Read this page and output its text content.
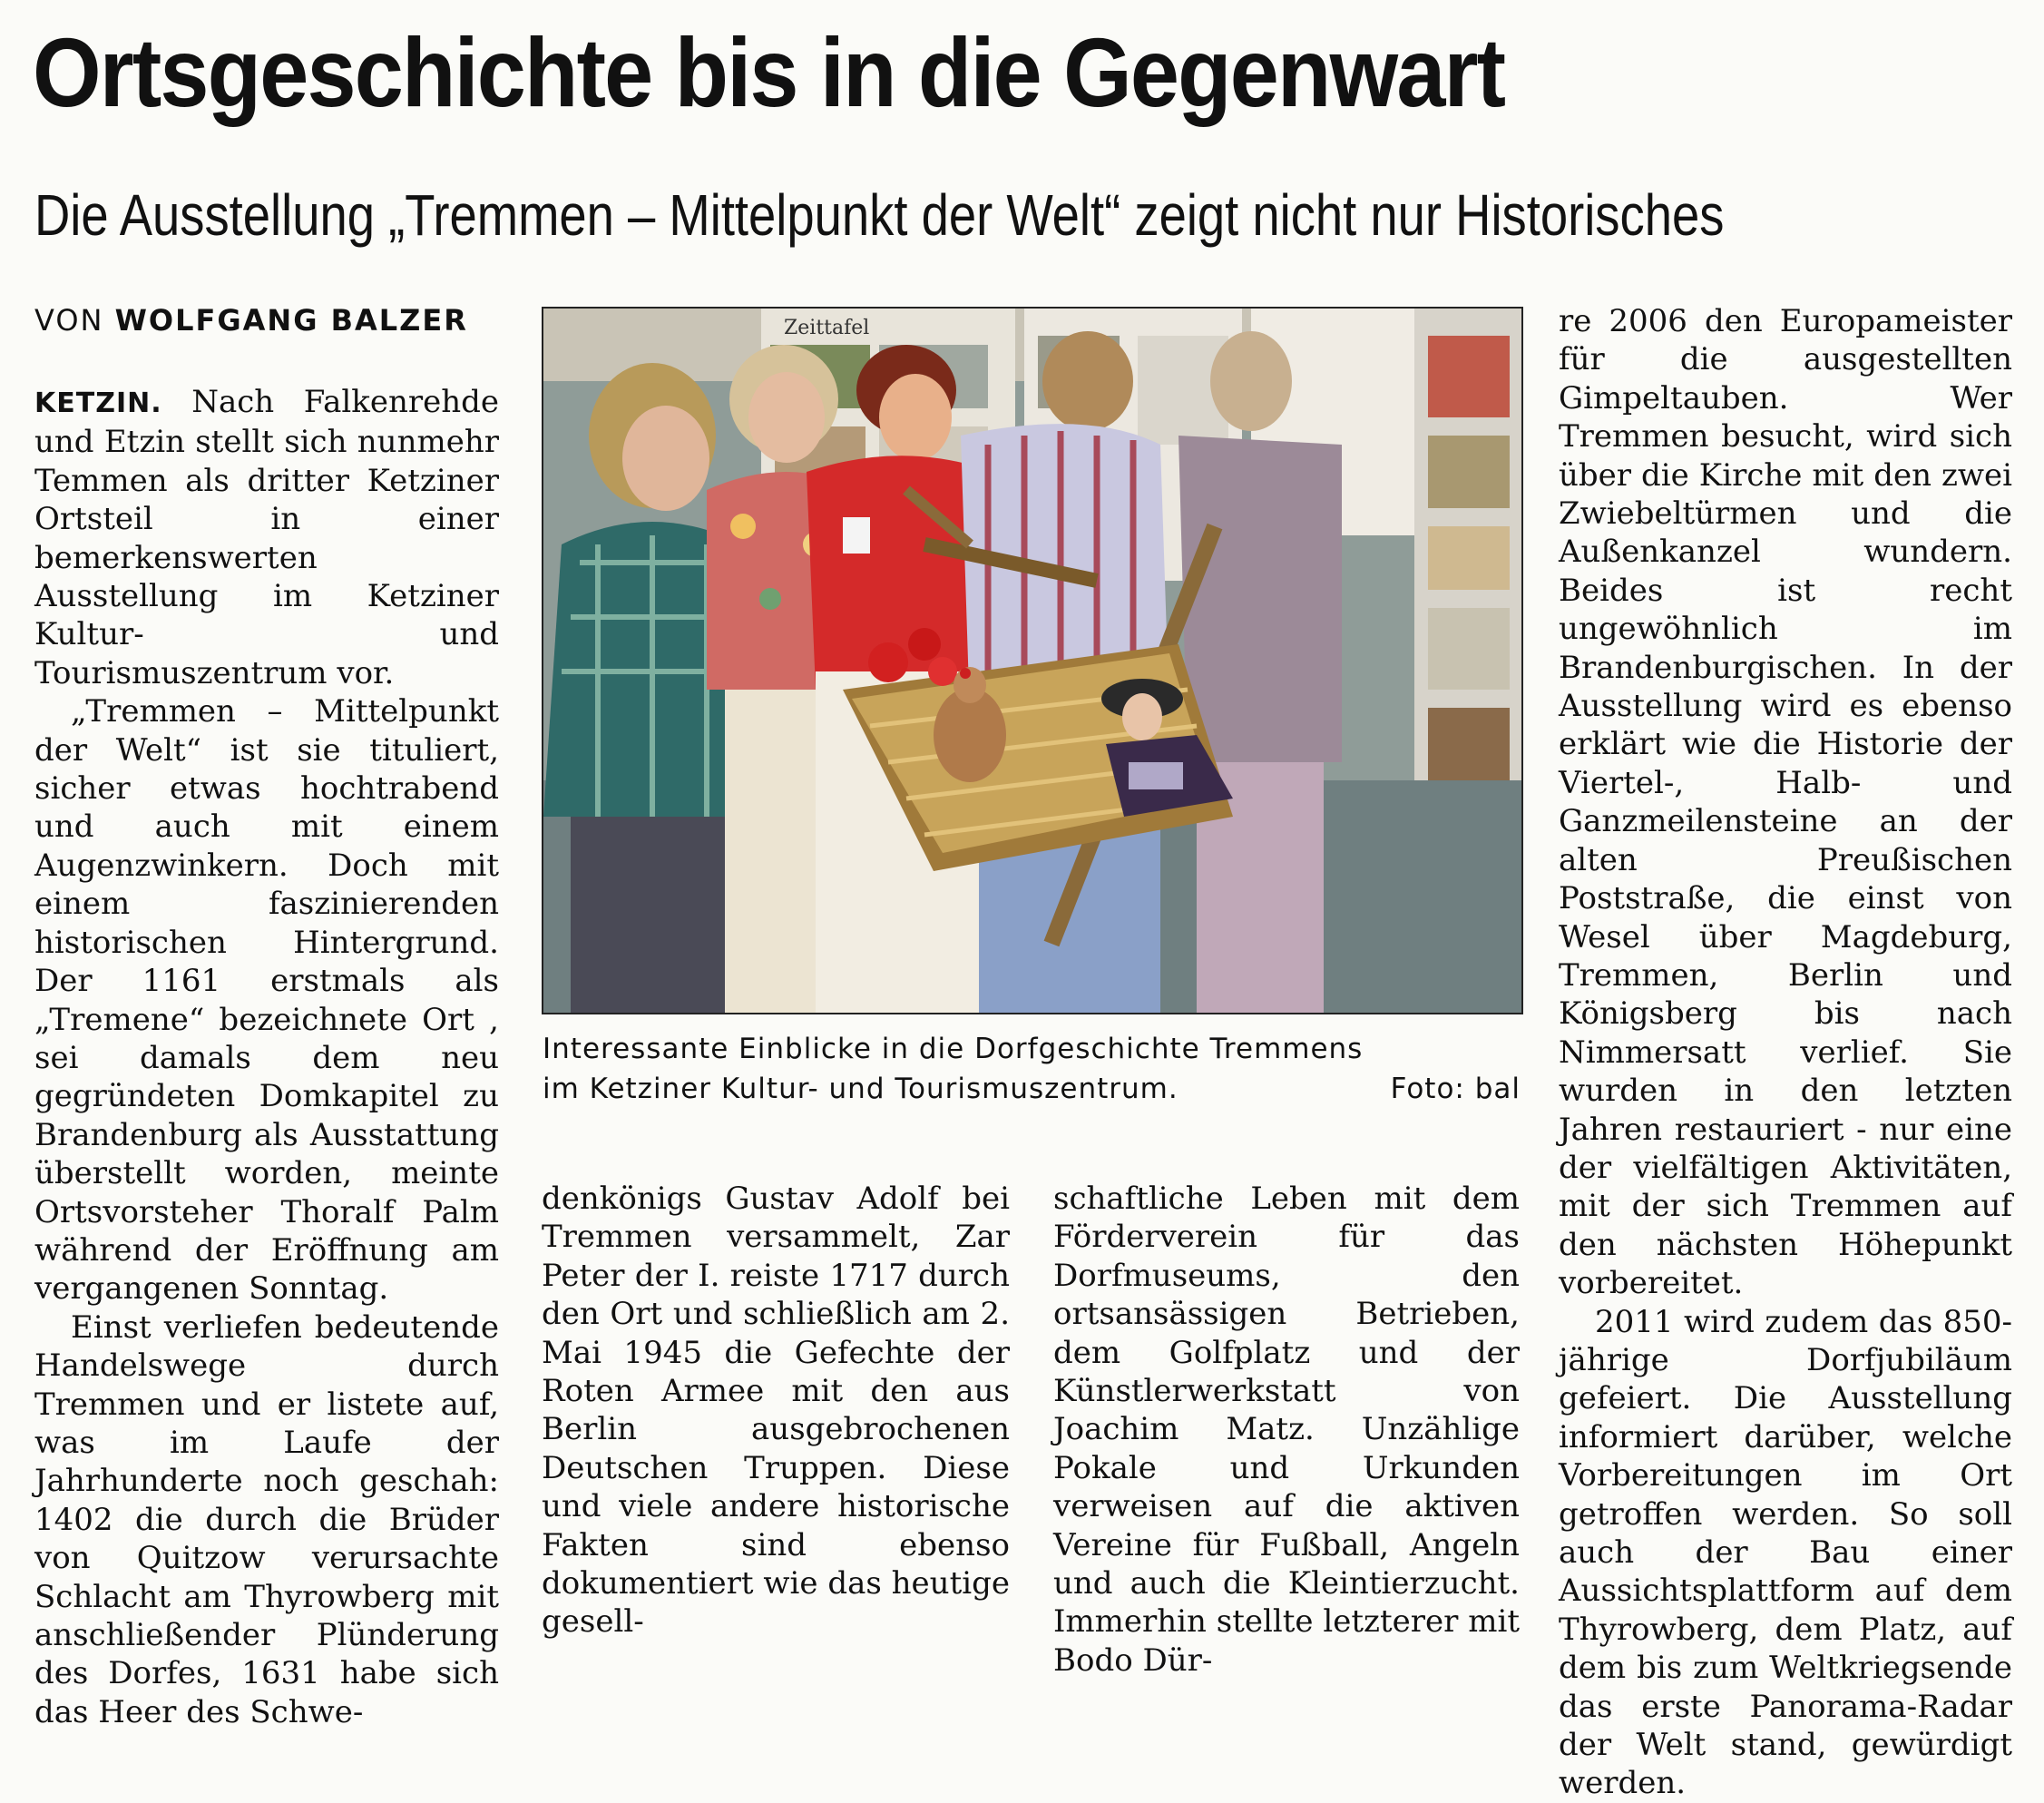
Ortsgeschichte bis in die Gegenwart
Die Ausstellung „Tremmen – Mittelpunkt der Welt“ zeigt nicht nur Historisches
VON WOLFGANG BALZER

KETZIN. Nach Falkenrehde und Etzin stellt sich nunmehr Temmen als dritter Ketziner Ortsteil in einer bemerkenswerten Ausstellung im Ketziner Kultur- und Tourismuszentrum vor.

„Tremmen – Mittelpunkt der Welt“ ist sie tituliert, sicher etwas hochtrabend und auch mit einem Augenzwinkern. Doch mit einem faszinierenden historischen Hintergrund. Der 1161 erstmals als „Tremene“ bezeichnete Ort , sei damals dem neu gegründeten Domkapitel zu Brandenburg als Ausstattung überstellt worden, meinte Ortsvorsteher Thoralf Palm während der Eröffnung am vergangenen Sonntag.

Einst verliefen bedeutende Handelswege durch Tremmen und er listete auf, was im Laufe der Jahrhunderte noch geschah: 1402 die durch die Brüder von Quitzow verursachte Schlacht am Thyrowberg mit anschließender Plünderung des Dorfes, 1631 habe sich das Heer des Schwe-

Zeittafel
Interessante Einblicke in die Dorfgeschichte Tremmens
im Ketziner Kultur- und Tourismuszentrum.	Foto: bal

denkönigs Gustav Adolf bei Tremmen versammelt, Zar Peter der I. reiste 1717 durch den Ort und schließlich am 2. Mai 1945 die Gefechte der Roten Armee mit den aus Berlin ausgebrochenen Deutschen Truppen. Diese und viele andere historische Fakten sind ebenso dokumentiert wie das heutige gesell-

schaftliche Leben mit dem Förderverein für das Dorfmuseums, den ortsansässigen Betrieben, dem Golfplatz und der Künstlerwerkstatt von Joachim Matz. Unzählige Pokale und Urkunden verweisen auf die aktiven Vereine für Fußball, Angeln und auch die Kleintierzucht. Immerhin stellte letzterer mit Bodo Dür-

re 2006 den Europameister für die ausgestellten Gimpeltauben. Wer Tremmen besucht, wird sich über die Kirche mit den zwei Zwiebeltürmen und die Außenkanzel wundern. Beides ist recht ungewöhnlich im Brandenburgischen. In der Ausstellung wird es ebenso erklärt wie die Historie der Viertel-, Halb- und Ganzmeilensteine an der alten Preußischen Poststraße, die einst von Wesel über Magdeburg, Tremmen, Berlin und Königsberg bis nach Nimmersatt verlief. Sie wurden in den letzten Jahren restauriert - nur eine der vielfältigen Aktivitäten, mit der sich Tremmen auf den nächsten Höhepunkt vorbereitet.

2011 wird zudem das 850-jährige Dorfjubiläum gefeiert. Die Ausstellung informiert darüber, welche Vorbereitungen im Ort getroffen werden. So soll auch der Bau einer Aussichtsplattform auf dem Thyrowberg, dem Platz, auf dem bis zum Weltkriegsende das erste Panorama-Radar der Welt stand, gewürdigt werden.
